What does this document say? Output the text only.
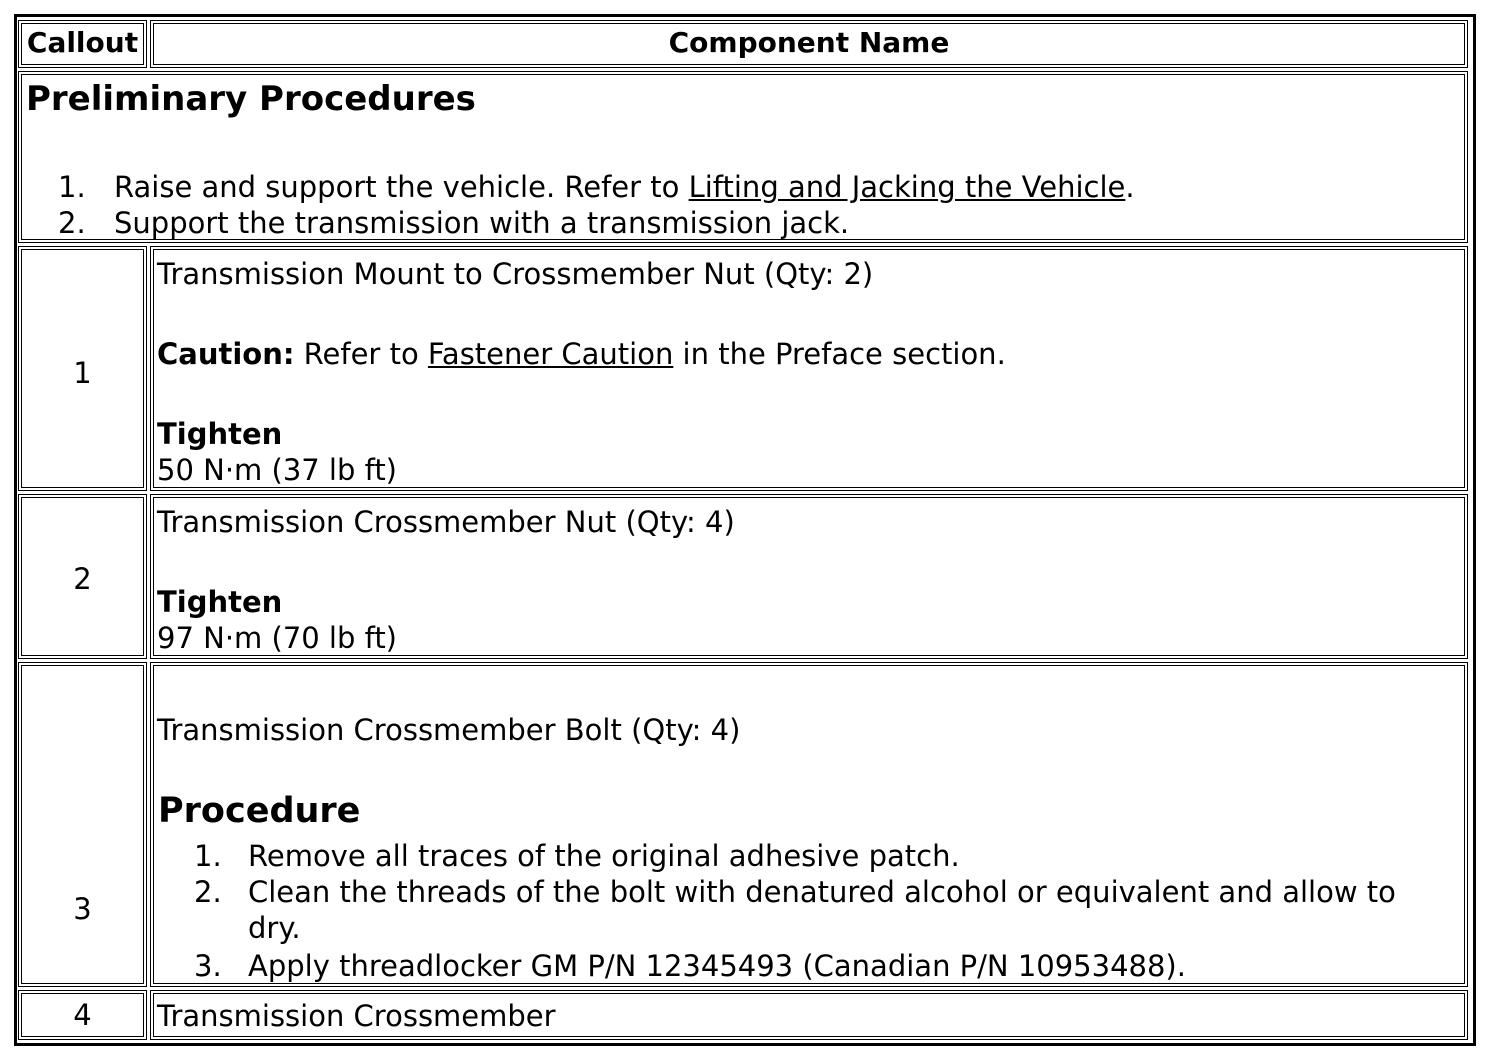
Callout	Component Name
Preliminary Procedures
1. Raise and support the vehicle. Refer to Lifting and Jacking the Vehicle.
2. Support the transmission with a transmission jack.
1
Transmission Mount to Crossmember Nut (Qty: 2)
Caution: Refer to Fastener Caution in the Preface section.
Tighten
50 N·m (37 lb ft)
2
Transmission Crossmember Nut (Qty: 4)
Tighten
97 N·m (70 lb ft)
3
Transmission Crossmember Bolt (Qty: 4)
Procedure
1. Remove all traces of the original adhesive patch.
2. Clean the threads of the bolt with denatured alcohol or equivalent and allow to
dry.
3. Apply threadlocker GM P/N 12345493 (Canadian P/N 10953488).
4	Transmission Crossmember
